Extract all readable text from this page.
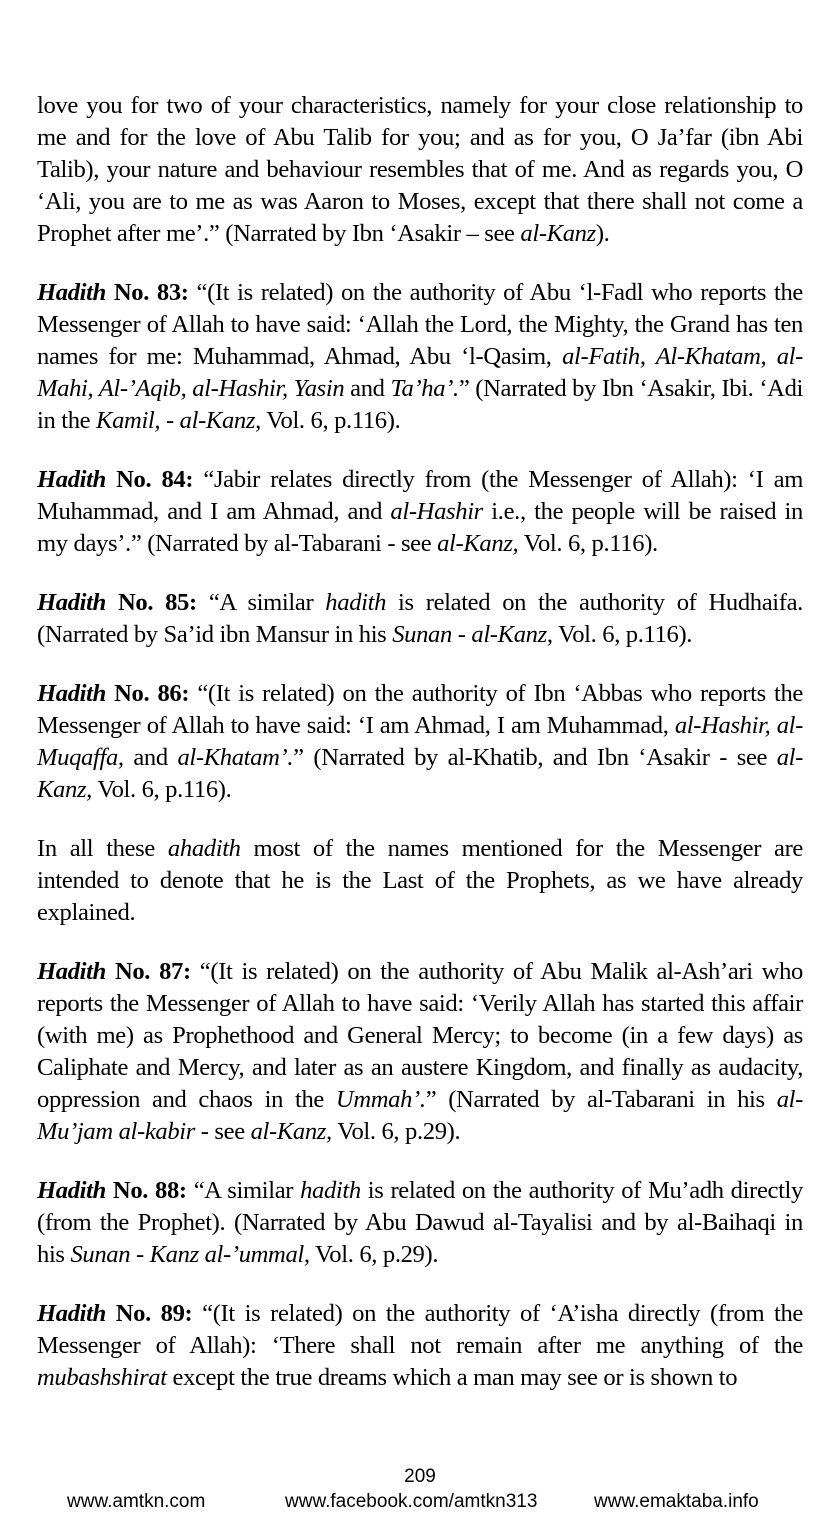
love you for two of your characteristics, namely for your close relationship to me and for the love of Abu Talib for you; and as for you, O Ja’far (ibn Abi Talib), your nature and behaviour resembles that of me. And as regards you, O ‘Ali, you are to me as was Aaron to Moses, except that there shall not come a Prophet after me’.” (Narrated by Ibn ‘Asakir – see al-Kanz).

Hadith No. 83: “(It is related) on the authority of Abu ‘l-Fadl who reports the Messenger of Allah to have said: ‘Allah the Lord, the Mighty, the Grand has ten names for me: Muhammad, Ahmad, Abu ‘l-Qasim, al-Fatih, Al-Khatam, al-Mahi, Al-’Aqib, al-Hashir, Yasin and Ta’ha’.” (Narrated by Ibn ‘Asakir, Ibi. ‘Adi in the Kamil, - al-Kanz, Vol. 6, p.116).

Hadith No. 84: “Jabir relates directly from (the Messenger of Allah): ‘I am Muhammad, and I am Ahmad, and al-Hashir i.e., the people will be raised in my days’.” (Narrated by al-Tabarani - see al-Kanz, Vol. 6, p.116).

Hadith No. 85: “A similar hadith is related on the authority of Hudhaifa. (Narrated by Sa’id ibn Mansur in his Sunan - al-Kanz, Vol. 6, p.116).

Hadith No. 86: “(It is related) on the authority of Ibn ‘Abbas who reports the Messenger of Allah to have said: ‘I am Ahmad, I am Muhammad, al-Hashir, al-Muqaffa, and al-Khatam’.” (Narrated by al-Khatib, and Ibn ‘Asakir - see al-Kanz, Vol. 6, p.116).

In all these ahadith most of the names mentioned for the Messenger are intended to denote that he is the Last of the Prophets, as we have already explained.

Hadith No. 87: “(It is related) on the authority of Abu Malik al-Ash’ari who reports the Messenger of Allah to have said: ‘Verily Allah has started this affair (with me) as Prophethood and General Mercy; to become (in a few days) as Caliphate and Mercy, and later as an austere Kingdom, and finally as audacity, oppression and chaos in the Ummah’.” (Narrated by al-Tabarani in his al-Mu’jam al-kabir - see al-Kanz, Vol. 6, p.29).

Hadith No. 88: “A similar hadith is related on the authority of Mu’adh directly (from the Prophet). (Narrated by Abu Dawud al-Tayalisi and by al-Baihaqi in his Sunan - Kanz al-’ummal, Vol. 6, p.29).

Hadith No. 89: “(It is related) on the authority of ‘A’isha directly (from the Messenger of Allah): ‘There shall not remain after me anything of the mubashshirat except the true dreams which a man may see or is shown to

209
www.amtkn.com	www.facebook.com/amtkn313	www.emaktaba.info
